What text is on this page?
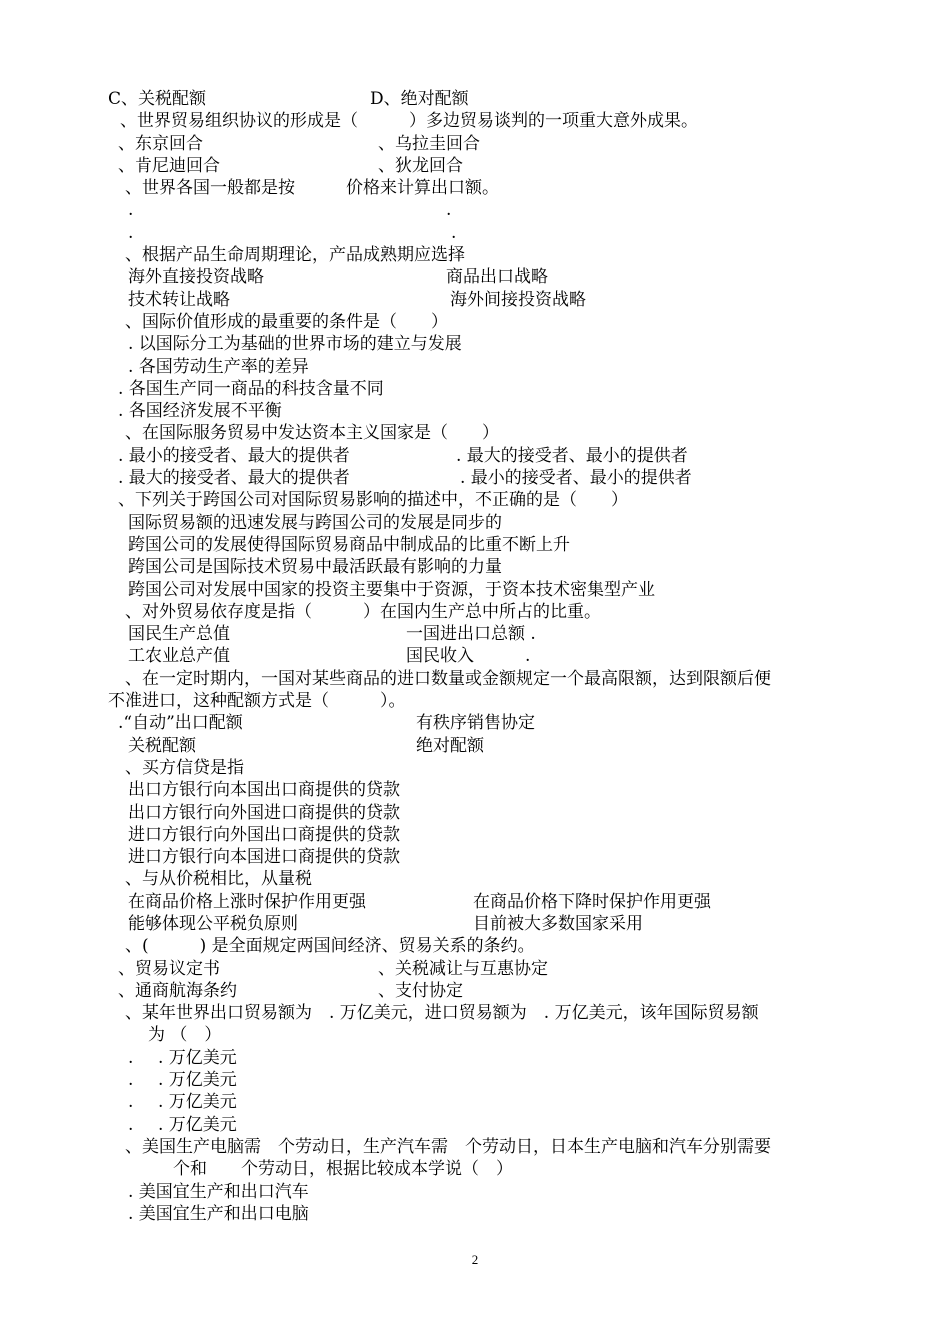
C、关税配额	D、绝对配额
、世界贸易组织协议的形成是（　　　）多边贸易谈判的一项重大意外成果。
、东京回合	、乌拉圭回合
、肯尼迪回合	、狄龙回合
、世界各国一般都是按　　　价格来计算出口额。
.	.
.	.
、根据产品生命周期理论，产品成熟期应选择
海外直接投资战略	商品出口战略
技术转让战略	海外间接投资战略
、国际价值形成的最重要的条件是（　　）
. 以国际分工为基础的世界市场的建立与发展
. 各国劳动生产率的差异
. 各国生产同一商品的科技含量不同
. 各国经济发展不平衡
、在国际服务贸易中发达资本主义国家是（　　）
. 最小的接受者、最大的提供者	. 最大的接受者、最小的提供者
. 最大的接受者、最大的提供者	. 最小的接受者、最小的提供者
、下列关于跨国公司对国际贸易影响的描述中，不正确的是（　　）
国际贸易额的迅速发展与跨国公司的发展是同步的
跨国公司的发展使得国际贸易商品中制成品的比重不断上升
跨国公司是国际技术贸易中最活跃最有影响的力量
跨国公司对发展中国家的投资主要集中于资源，于资本技术密集型产业
、对外贸易依存度是指（　　　）在国内生产总中所占的比重。
国民生产总值	一国进出口总额 .
工农业总产值	国民收入　　　.
、在一定时期内，一国对某些商品的进口数量或金额规定一个最高限额，达到限额后便
不准进口，这种配额方式是（　　　）。
.“自动”出口配额	有秩序销售协定
关税配额	绝对配额
、买方信贷是指
出口方银行向本国出口商提供的贷款
出口方银行向外国进口商提供的贷款
进口方银行向外国出口商提供的贷款
进口方银行向本国进口商提供的贷款
、与从价税相比，从量税
在商品价格上涨时保护作用更强	在商品价格下降时保护作用更强
能够体现公平税负原则	目前被大多数国家采用
、(　　　) 是全面规定两国间经济、贸易关系的条约。
、贸易议定书	、关税减让与互惠协定
、通商航海条约	、支付协定
、某年世界出口贸易额为　. 万亿美元，进口贸易额为　. 万亿美元，该年国际贸易额
为 （　）
. . 万亿美元
. . 万亿美元
. . 万亿美元
. . 万亿美元
、美国生产电脑需　个劳动日，生产汽车需　个劳动日，日本生产电脑和汽车分别需要
个和　　个劳动日，根据比较成本学说（　）
. 美国宜生产和出口汽车
. 美国宜生产和出口电脑
2
